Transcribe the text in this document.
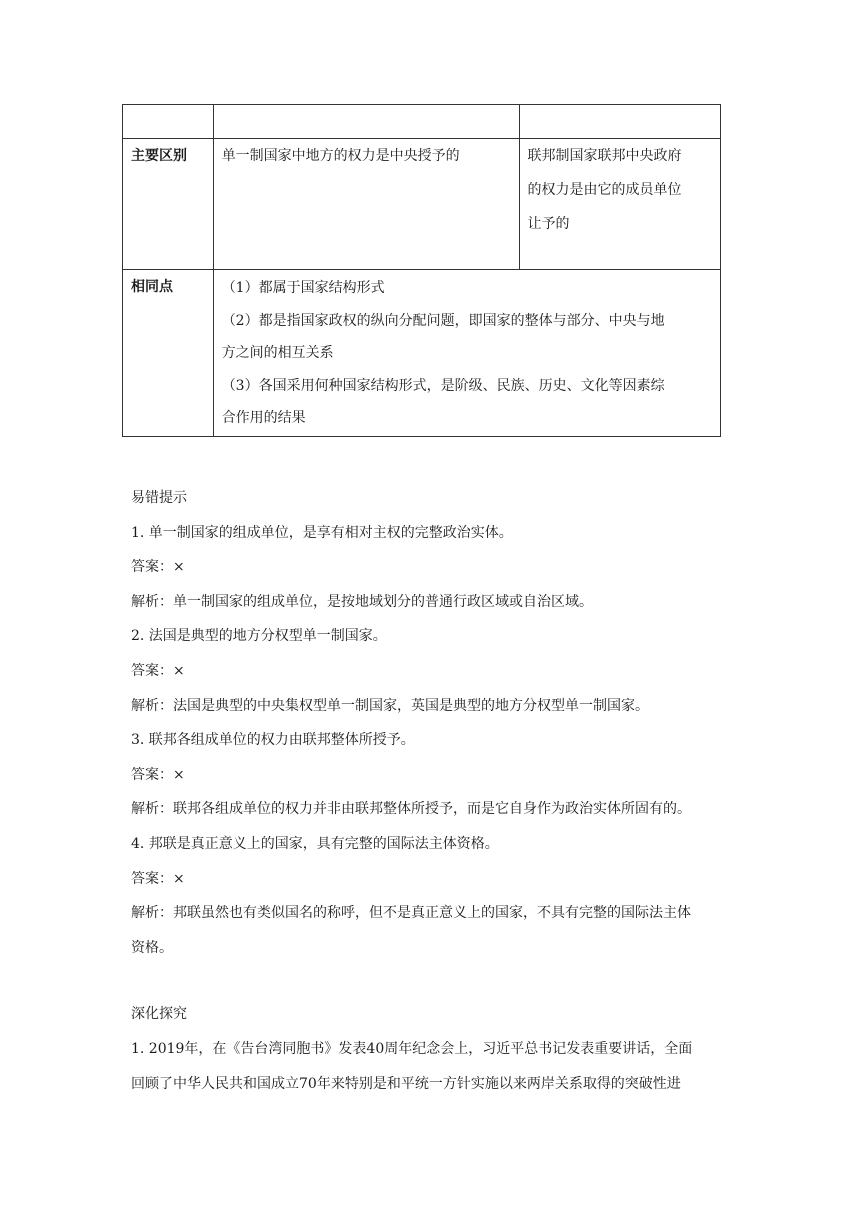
主要区别	单一制国家中地方的权力是中央授予的	联邦制国家联邦中央政府
的权力是由它的成员单位
让予的

相同点	（1）都属于国家结构形式
（2）都是指国家政权的纵向分配问题，即国家的整体与部分、中央与地
方之间的相互关系
（3）各国采用何种国家结构形式，是阶级、民族、历史、文化等因素综
合作用的结果	

易错提示

1. 单一制国家的组成单位，是享有相对主权的完整政治实体。

答案：×

解析：单一制国家的组成单位，是按地域划分的普通行政区域或自治区域。

2. 法国是典型的地方分权型单一制国家。

答案：×

解析：法国是典型的中央集权型单一制国家，英国是典型的地方分权型单一制国家。

3. 联邦各组成单位的权力由联邦整体所授予。

答案：×

解析：联邦各组成单位的权力并非由联邦整体所授予，而是它自身作为政治实体所固有的。

4. 邦联是真正意义上的国家，具有完整的国际法主体资格。

答案：×

解析：邦联虽然也有类似国名的称呼，但不是真正意义上的国家，不具有完整的国际法主体

资格。

深化探究

1. 2019年，在《告台湾同胞书》发表40周年纪念会上，习近平总书记发表重要讲话，全面

回顾了中华人民共和国成立70年来特别是和平统一方针实施以来两岸关系取得的突破性进
